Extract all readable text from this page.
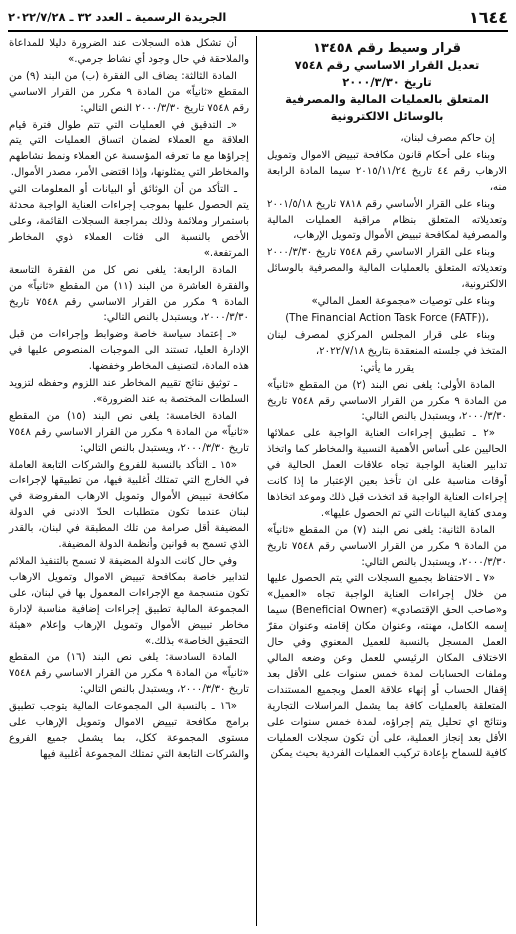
١٦٤٤
الجريدة الرسمية ـ العدد ٣٢ ـ ٢٠٢٢/٧/٢٨
قرار وسيط رقم ١٣٤٥٨
تعديل القرار الاساسي رقم ٧٥٤٨
تاريخ ٢٠٠٠/٣/٣٠
المتعلق بالعمليات المالية والمصرفية
بالوسائل الالكترونية

إن حاكم مصرف لبنان،

وبناء على أحكام قانون مكافحة تبييض الاموال وتمويل الارهاب رقم ٤٤ تاريخ ٢٠١٥/١١/٢٤ سيما المادة الرابعة منه،

وبناء على القرار الأساسي رقم ٧٨١٨ تاريخ ٢٠٠١/٥/١٨ وتعديلاته المتعلق بنظام مراقبة العمليات المالية والمصرفية لمكافحة تبييض الأموال وتمويل الإرهاب،

وبناء على القرار الاساسي رقم ٧٥٤٨ تاريخ ٢٠٠٠/٣/٣٠ وتعديلاته المتعلق بالعمليات المالية والمصرفية بالوسائل الالكترونية،

وبناء على توصيات «مجموعة العمل المالي»

(The Financial Action Task Force (FATF))،

وبناء على قرار المجلس المركزي لمصرف لبنان المتخذ في جلسته المنعقدة بتاريخ ٢٠٢٢/٧/١٨،

يقرر ما يأتي:

المادة الأولى: يلغى نص البند (٢) من المقطع «ثانياً» من المادة ٩ مكرر من القرار الاساسي رقم ٧٥٤٨ تاريخ ٢٠٠٠/٣/٣٠، ويستبدل بالنص التالي:

«٢ ـ تطبيق إجراءات العناية الواجبة على عملائها الحاليين على أساس الأهمية النسبية والمخاطر كما واتخاذ تدابير العناية الواجبة تجاه علاقات العمل الحالية في أوقات مناسبة على ان تأخذ بعين الإعتبار ما إذا كانت إجراءات العناية الواجبة قد اتخذت قبل ذلك وموعد اتخاذها ومدى كفاية البيانات التي تم الحصول عليها».

المادة الثانية: يلغى نص البند (٧) من المقطع «ثانياً» من المادة ٩ مكرر من القرار الاساسي رقم ٧٥٤٨ تاريخ ٢٠٠٠/٣/٣٠، ويستبدل بالنص التالي:

«٧ ـ الاحتفاظ بجميع السجلات التي يتم الحصول عليها من خلال إجراءات العناية الواجبة تجاه «العميل» و«صاحب الحق الإقتصادي» (Beneficial Owner) سيما إسمه الكامل، مهنته، وعنوان مكان إقامته وعنوان مقرّ العمل المسجل بالنسبة للعميل المعنوي وفي حال الاختلاف المكان الرئيسي للعمل وعن وضعه المالي وملفات الحسابات لمدة خمس سنوات على الأقل بعد إقفال الحساب أو إنهاء علاقة العمل وبجميع المستندات المتعلقة بالعمليات كافة بما يشمل المراسلات التجارية ونتائج اي تحليل يتم إجراؤه، لمدة خمس سنوات على الأقل بعد إنجاز العملية، على أن تكون سجلات العمليات كافية للسماح بإعادة تركيب العمليات الفردية بحيث يمكن

أن تشكل هذه السجلات عند الضرورة دليلا للمداعاة والملاحقة في حال وجود أي نشاط جرمي.»

المادة الثالثة: يضاف الى الفقرة (ب) من البند (٩) من المقطع «ثانياً» من المادة ٩ مكرر من القرار الاساسي رقم ٧٥٤٨ تاريخ ٢٠٠٠/٣/٣٠ النص التالي:

«ـ التدقيق في العمليات التي تتم طوال فترة قيام العلاقة مع العملاء لضمان اتساق العمليات التي يتم إجراؤها مع ما تعرفه المؤسسة عن العملاء ونمط نشاطهم والمخاطر التي يمثلونها، وإذا اقتضى الأمر، مصدر الأموال.

ـ التأكد من أن الوثائق أو البيانات أو المعلومات التي يتم الحصول عليها بموجب إجراءات العناية الواجبة محدثة باستمرار وملائمة وذلك بمراجعة السجلات القائمة، وعلى الأخص بالنسبة الى فئات العملاء ذوي المخاطر المرتفعة.»

المادة الرابعة: يلغى نص كل من الفقرة التاسعة والفقرة العاشرة من البند (١١) من المقطع «ثانياً» من المادة ٩ مكرر من القرار الاساسي رقم ٧٥٤٨ تاريخ ٢٠٠٠/٣/٣٠، ويستبدل بالنص التالي:

«ـ إعتماد سياسة خاصة وضوابط وإجراءات من قبل الإدارة العليا، تستند الى الموجبات المنصوص عليها في هذه المادة، لتصنيف المخاطر وخفضها.

ـ توثيق نتائج تقييم المخاطر عند اللزوم وحفظه لتزويد السلطات المختصة به عند الضرورة».

المادة الخامسة: يلغى نص البند (١٥) من المقطع «ثانياً» من المادة ٩ مكرر من القرار الاساسي رقم ٧٥٤٨ تاريخ ٢٠٠٠/٣/٣٠، ويستبدل بالنص التالي:

«١٥ ـ التأكد بالنسبة للفروع والشركات التابعة العاملة في الخارج التي تمتلك أغلبية فيها، من تطبيقها لإجراءات مكافحة تبييض الأموال وتمويل الارهاب المفروضة في لبنان عندما تكون متطلبات الحدّ الادنى في الدولة المضيفة أقل صرامة من تلك المطبقة في لبنان، بالقدر الذي تسمح به قوانين وأنظمة الدولة المضيفة.

وفي حال كانت الدولة المضيفة لا تسمح بالتنفيذ الملائم لتدابير خاصة بمكافحة تبييض الاموال وتمويل الارهاب تكون منسجمة مع الإجراءات المعمول بها في لبنان، على المجموعة المالية تطبيق إجراءات إضافية مناسبة لإدارة مخاطر تبييض الأموال وتمويل الإرهاب وإعلام «هيئة التحقيق الخاصة» بذلك.»

المادة السادسة: يلغى نص البند (١٦) من المقطع «ثانياً» من المادة ٩ مكرر من القرار الاساسي رقم ٧٥٤٨ تاريخ ٢٠٠٠/٣/٣٠، ويستبدل بالنص التالي:

«١٦ ـ بالنسبة الى المجموعات المالية يتوجب تطبيق برامج مكافحة تبييض الاموال وتمويل الإرهاب على مستوى المجموعة ككل، بما يشمل جميع الفروع والشركات التابعة التي تمتلك المجموعة أغلبية فيها
